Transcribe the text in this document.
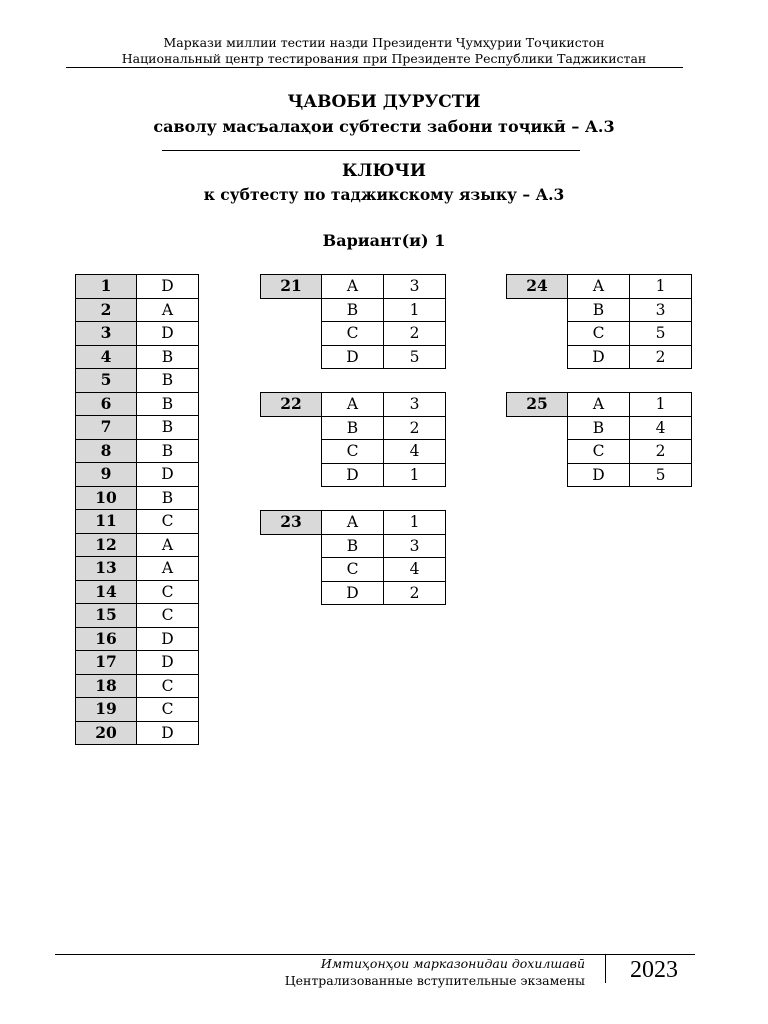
Маркази миллии тестии назди Президенти Ҷумҳурии Тоҷикистон
Национальный центр тестирования при Президенте Республики Таджикистан
ҶАВОБИ ДУРУСТИ
саволу масъалаҳои субтести забони тоҷикӣ – А.3
КЛЮЧИ
к субтесту по таджикскому языку – А.3
Вариант(и) 1
1	D
2	A
3	D
4	B
5	B
6	B
7	B
8	B
9	D
10	B
11	C
12	A
13	A
14	C
15	C
16	D
17	D
18	C
19	C
20	D
21	A	3
	B	1
	C	2
	D	5
22	A	3
	B	2
	C	4
	D	1
23	A	1
	B	3
	C	4
	D	2
24	A	1
	B	3
	C	5
	D	2
25	A	1
	B	4
	C	2
	D	5
Имтиҳонҳои марказонидаи дохилшавӣ
Централизованные вступительные экзамены 2023
